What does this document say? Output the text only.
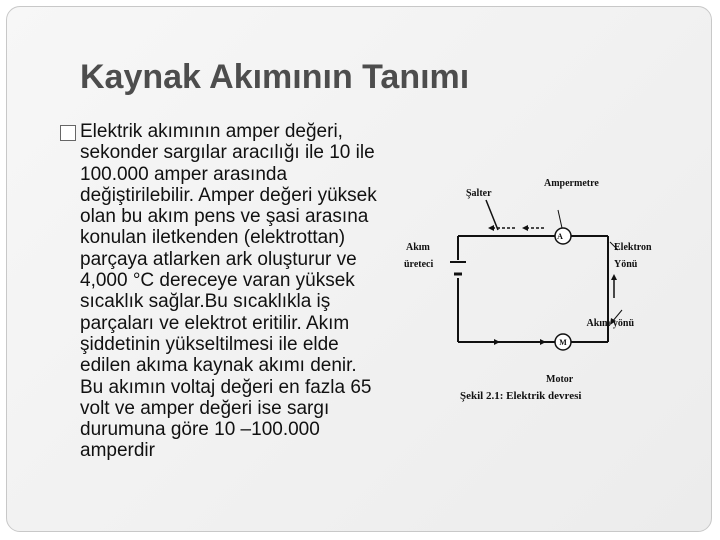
Kaynak Akımının Tanımı
Elektrik akımının amper değeri, sekonder sargılar aracılığı ile 10 ile 100.000 amper arasında değiştirilebilir. Amper değeri yüksek olan bu akım pens ve şasi arasına konulan iletkenden (elektrottan) parçaya atlarken ark oluşturur ve 4,000 °C dereceye varan yüksek sıcaklık sağlar.Bu sıcaklıkla iş parçaları ve elektrot eritilir. Akım şiddetinin yükseltilmesi ile elde edilen akıma kaynak akımı denir. Bu akımın voltaj değeri en fazla 65 volt ve amper değeri ise sargı durumuna göre 10 –100.000 amperdir
A
M
Şalter
Ampermetre
Akım
üreteci
Elektron
Yönü
Akım yönü
Motor
Şekil 2.1: Elektrik devresi
